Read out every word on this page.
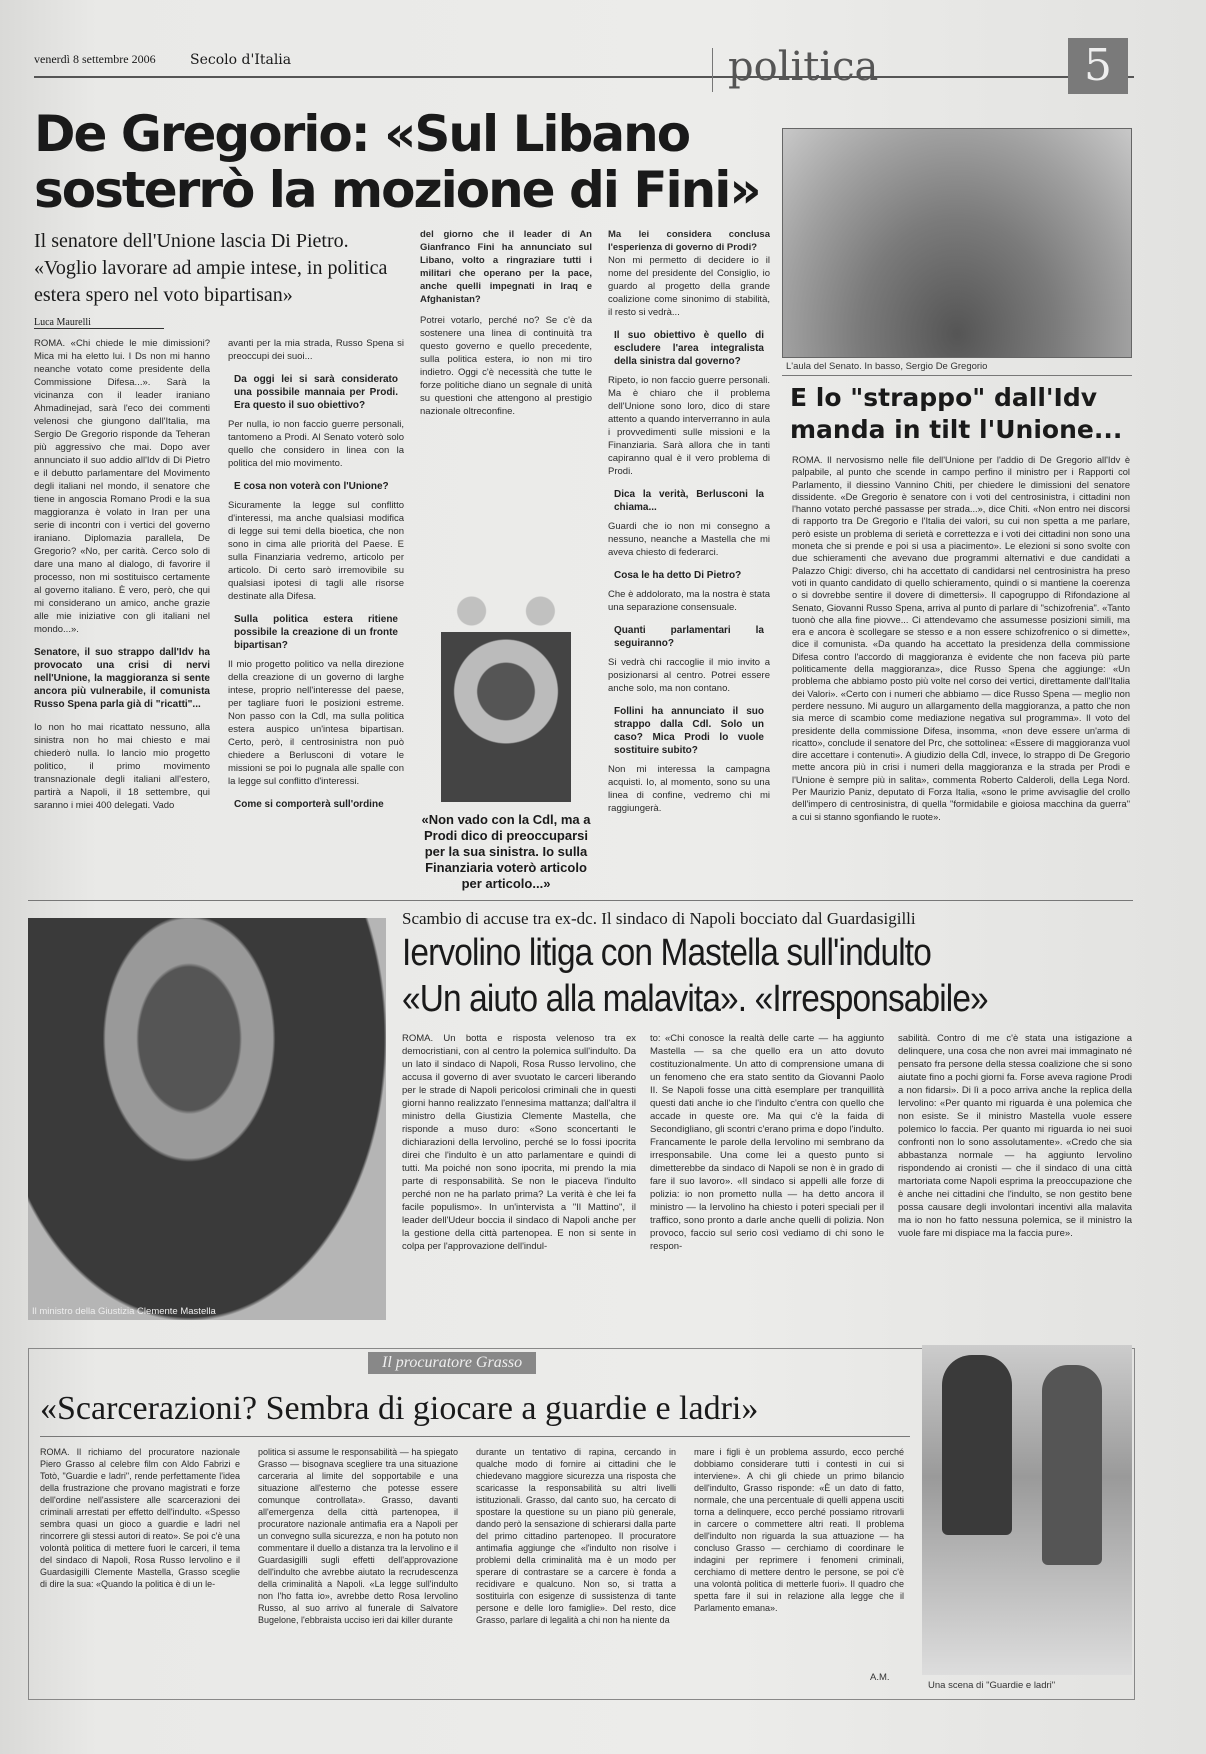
venerdì 8 settembre 2006 Secolo d'Italia	politica	5
De Gregorio: «Sul Libano sosterrò la mozione di Fini»
Il senatore dell'Unione lascia Di Pietro. «Voglio lavorare ad ampie intese, in politica estera spero nel voto bipartisan»
Luca Maurelli
ROMA. «Chi chiede le mie dimissioni? Mica mi ha eletto lui. I Ds non mi hanno neanche votato come presidente della Commissione Difesa...». Sarà la vicinanza con il leader iraniano Ahmadinejad, sarà l'eco dei commenti velenosi che giungono dall'Italia, ma Sergio De Gregorio risponde da Teheran più aggressivo che mai. Dopo aver annunciato il suo addio all'Idv di Di Pietro e il debutto parlamentare del Movimento degli italiani nel mondo, il senatore che tiene in angoscia Romano Prodi e la sua maggioranza è volato in Iran per una serie di incontri con i vertici del governo iraniano. Diplomazia parallela, De Gregorio? «No, per carità. Cerco solo di dare una mano al dialogo, di favorire il processo, non mi sostituisco certamente al governo italiano. È vero, però, che qui mi considerano un amico, anche grazie alle mie iniziative con gli italiani nel mondo...».
Senatore, il suo strappo dall'Idv ha provocato una crisi di nervi nell'Unione, la maggioranza si sente ancora più vulnerabile, il comunista Russo Spena parla già di "ricatti"...
Io non ho mai ricattato nessuno, alla sinistra non ho mai chiesto e mai chiederò nulla. Io lancio mio progetto politico, il primo movimento transnazionale degli italiani all'estero, partirà a Napoli, il 18 settembre, qui saranno i miei 400 delegati. Vado
avanti per la mia strada, Russo Spena si preoccupi dei suoi...
Da oggi lei si sarà considerato una possibile mannaia per Prodi. Era questo il suo obiettivo?
Per nulla, io non faccio guerre personali, tantomeno a Prodi. Al Senato voterò solo quello che considero in linea con la politica del mio movimento.
E cosa non voterà con l'Unione?
Sicuramente la legge sul conflitto d'interessi, ma anche qualsiasi modifica di legge sui temi della bioetica, che non sono in cima alle priorità del Paese. E sulla Finanziaria vedremo, articolo per articolo. Di certo sarò irremovibile su qualsiasi ipotesi di tagli alle risorse destinate alla Difesa.
Sulla politica estera ritiene possibile la creazione di un fronte bipartisan?
Il mio progetto politico va nella direzione della creazione di un governo di larghe intese, proprio nell'interesse del paese, per tagliare fuori le posizioni estreme. Non passo con la Cdl, ma sulla politica estera auspico un'intesa bipartisan. Certo, però, il centrosinistra non può chiedere a Berlusconi di votare le missioni se poi lo pugnala alle spalle con la legge sul conflitto d'interessi.
Come si comporterà sull'ordine
del giorno che il leader di An Gianfranco Fini ha annunciato sul Libano, volto a ringraziare tutti i militari che operano per la pace, anche quelli impegnati in Iraq e Afghanistan?
Potrei votarlo, perché no? Se c'è da sostenere una linea di continuità tra questo governo e quello precedente, sulla politica estera, io non mi tiro indietro. Oggi c'è necessità che tutte le forze politiche diano un segnale di unità su questioni che attengono al prestigio nazionale oltreconfine.
«Non vado con la Cdl, ma a Prodi dico di preoccuparsi per la sua sinistra. Io sulla Finanziaria voterò articolo per articolo...»
Ma lei considera conclusa l'esperienza di governo di Prodi?
Non mi permetto di decidere io il nome del presidente del Consiglio, io guardo al progetto della grande coalizione come sinonimo di stabilità, il resto si vedrà...
Il suo obiettivo è quello di escludere l'area integralista della sinistra dal governo?
Ripeto, io non faccio guerre personali. Ma è chiaro che il problema dell'Unione sono loro, dico di stare attento a quando interverranno in aula i provvedimenti sulle missioni e la Finanziaria. Sarà allora che in tanti capiranno qual è il vero problema di Prodi.
Dica la verità, Berlusconi la chiama...
Guardi che io non mi consegno a nessuno, neanche a Mastella che mi aveva chiesto di federarci.
Cosa le ha detto Di Pietro?
Che è addolorato, ma la nostra è stata una separazione consensuale.
Quanti parlamentari la seguiranno?
Si vedrà chi raccoglie il mio invito a posizionarsi al centro. Potrei essere anche solo, ma non contano.
Follini ha annunciato il suo strappo dalla Cdl. Solo un caso? Mica Prodi lo vuole sostituire subito?
Non mi interessa la campagna acquisti. Io, al momento, sono su una linea di confine, vedremo chi mi raggiungerà.
L'aula del Senato. In basso, Sergio De Gregorio
E lo "strappo" dall'Idv manda in tilt l'Unione...
ROMA. Il nervosismo nelle file dell'Unione per l'addio di De Gregorio all'Idv è palpabile, al punto che scende in campo perfino il ministro per i Rapporti col Parlamento, il diessino Vannino Chiti, per chiedere le dimissioni del senatore dissidente. «De Gregorio è senatore con i voti del centrosinistra, i cittadini non l'hanno votato perché passasse per strada...», dice Chiti. «Non entro nei discorsi di rapporto tra De Gregorio e l'Italia dei valori, su cui non spetta a me parlare, però esiste un problema di serietà e correttezza e i voti dei cittadini non sono una moneta che si prende e poi si usa a piacimento». Le elezioni si sono svolte con due schieramenti che avevano due programmi alternativi e due candidati a Palazzo Chigi: diverso, chi ha accettato di candidarsi nel centrosinistra ha preso voti in quanto candidato di quello schieramento, quindi o si mantiene la coerenza o si dovrebbe sentire il dovere di dimettersi». Il capogruppo di Rifondazione al Senato, Giovanni Russo Spena, arriva al punto di parlare di "schizofrenia". «Tanto tuonò che alla fine piovve... Ci attendevamo che assumesse posizioni simili, ma era e ancora è scollegare se stesso e a non essere schizofrenico o si dimette», dice il comunista. «Da quando ha accettato la presidenza della commissione Difesa contro l'accordo di maggioranza è evidente che non faceva più parte politicamente della maggioranza», dice Russo Spena che aggiunge: «Un problema che abbiamo posto più volte nel corso dei vertici, direttamente dall'Italia dei Valori». «Certo con i numeri che abbiamo — dice Russo Spena — meglio non perdere nessuno. Mi auguro un allargamento della maggioranza, a patto che non sia merce di scambio come mediazione negativa sul programma». Il voto del presidente della commissione Difesa, insomma, «non deve essere un'arma di ricatto», conclude il senatore del Prc, che sottolinea: «Essere di maggioranza vuol dire accettare i contenuti». A giudizio della Cdl, invece, lo strappo di De Gregorio mette ancora più in crisi i numeri della maggioranza e la strada per Prodi e l'Unione è sempre più in salita», commenta Roberto Calderoli, della Lega Nord. Per Maurizio Paniz, deputato di Forza Italia, «sono le prime avvisaglie del crollo dell'impero di centrosinistra, di quella "formidabile e gioiosa macchina da guerra" a cui si stanno sgonfiando le ruote».
Il ministro della Giustizia Clemente Mastella
Scambio di accuse tra ex-dc. Il sindaco di Napoli bocciato dal Guardasigilli
Iervolino litiga con Mastella sull'indulto
«Un aiuto alla malavita». «Irresponsabile»
ROMA. Un botta e risposta velenoso tra ex democristiani, con al centro la polemica sull'indulto. Da un lato il sindaco di Napoli, Rosa Russo Iervolino, che accusa il governo di aver svuotato le carceri liberando per le strade di Napoli pericolosi criminali che in questi giorni hanno realizzato l'ennesima mattanza; dall'altra il ministro della Giustizia Clemente Mastella, che risponde a muso duro: «Sono sconcertanti le dichiarazioni della Iervolino, perché se lo fossi ipocrita direi che l'indulto è un atto parlamentare e quindi di tutti. Ma poiché non sono ipocrita, mi prendo la mia parte di responsabilità. Se non le piaceva l'indulto perché non ne ha parlato prima? La verità è che lei fa facile populismo». In un'intervista a "Il Mattino", il leader dell'Udeur boccia il sindaco di Napoli anche per la gestione della città partenopea. E non si sente in colpa per l'approvazione dell'indul-
to: «Chi conosce la realtà delle carte — ha aggiunto Mastella — sa che quello era un atto dovuto costituzionalmente. Un atto di comprensione umana di un fenomeno che era stato sentito da Giovanni Paolo II. Se Napoli fosse una città esemplare per tranquillità questi dati anche io che l'indulto c'entra con quello che accade in queste ore. Ma qui c'è la faida di Secondigliano, gli scontri c'erano prima e dopo l'indulto. Francamente le parole della Iervolino mi sembrano da irresponsabile. Una come lei a questo punto si dimetterebbe da sindaco di Napoli se non è in grado di fare il suo lavoro». «Il sindaco si appelli alle forze di polizia: io non prometto nulla — ha detto ancora il ministro — la Iervolino ha chiesto i poteri speciali per il traffico, sono pronto a darle anche quelli di polizia. Non provoco, faccio sul serio così vediamo di chi sono le respon-
sabilità. Contro di me c'è stata una istigazione a delinquere, una cosa che non avrei mai immaginato né pensato fra persone della stessa coalizione che si sono aiutate fino a pochi giorni fa. Forse aveva ragione Prodi a non fidarsi». Di lì a poco arriva anche la replica della Iervolino: «Per quanto mi riguarda è una polemica che non esiste. Se il ministro Mastella vuole essere polemico lo faccia. Per quanto mi riguarda io nei suoi confronti non lo sono assolutamente». «Credo che sia abbastanza normale — ha aggiunto Iervolino rispondendo ai cronisti — che il sindaco di una città martoriata come Napoli esprima la preoccupazione che è anche nei cittadini che l'indulto, se non gestito bene possa causare degli involontari incentivi alla malavita ma io non ho fatto nessuna polemica, se il ministro la vuole fare mi dispiace ma la faccia pure».
Il procuratore Grasso
«Scarcerazioni? Sembra di giocare a guardie e ladri»
ROMA. Il richiamo del procuratore nazionale Piero Grasso al celebre film con Aldo Fabrizi e Totò, "Guardie e ladri", rende perfettamente l'idea della frustrazione che provano magistrati e forze dell'ordine nell'assistere alle scarcerazioni dei criminali arrestati per effetto dell'indulto. «Spesso sembra quasi un gioco a guardie e ladri nel rincorrere gli stessi autori di reato». Se poi c'è una volontà politica di mettere fuori le carceri, il tema del sindaco di Napoli, Rosa Russo Iervolino e il Guardasigilli Clemente Mastella, Grasso sceglie di dire la sua: «Quando la politica è di un le-
politica si assume le responsabilità — ha spiegato Grasso — bisognava scegliere tra una situazione carceraria al limite del sopportabile e una situazione all'esterno che potesse essere comunque controllata». Grasso, davanti all'emergenza della città partenopea, il procuratore nazionale antimafia era a Napoli per un convegno sulla sicurezza, e non ha potuto non commentare il duello a distanza tra la Iervolino e il Guardasigilli sugli effetti dell'approvazione dell'indulto che avrebbe aiutato la recrudescenza della criminalità a Napoli. «La legge sull'indulto non l'ho fatta io», avrebbe detto Rosa Iervolino Russo, al suo arrivo al funerale di Salvatore Bugelone, l'ebbraista ucciso ieri dai killer durante
durante un tentativo di rapina, cercando in qualche modo di fornire ai cittadini che le chiedevano maggiore sicurezza una risposta che scaricasse la responsabilità su altri livelli istituzionali. Grasso, dal canto suo, ha cercato di spostare la questione su un piano più generale, dando però la sensazione di schierarsi dalla parte del primo cittadino partenopeo. Il procuratore antimafia aggiunge che «l'indulto non risolve i problemi della criminalità ma è un modo per sperare di contrastare se a carcere è fonda a recidivare e qualcuno. Non so, si tratta a sostituirla con esigenze di sussistenza di tante persone e delle loro famiglie». Del resto, dice Grasso, parlare di legalità a chi non ha niente da
mare i figli è un problema assurdo, ecco perché dobbiamo considerare tutti i contesti in cui si interviene». A chi gli chiede un primo bilancio dell'indulto, Grasso risponde: «È un dato di fatto, normale, che una percentuale di quelli appena usciti torna a delinquere, ecco perché possiamo ritrovarli in carcere o commettere altri reati. Il problema dell'indulto non riguarda la sua attuazione — ha concluso Grasso — cerchiamo di coordinare le indagini per reprimere i fenomeni criminali, cerchiamo di mettere dentro le persone, se poi c'è una volontà politica di metterle fuori». Il quadro che spetta fare il sui in relazione alla legge che il Parlamento emana».
A.M.
Una scena di "Guardie e ladri"
